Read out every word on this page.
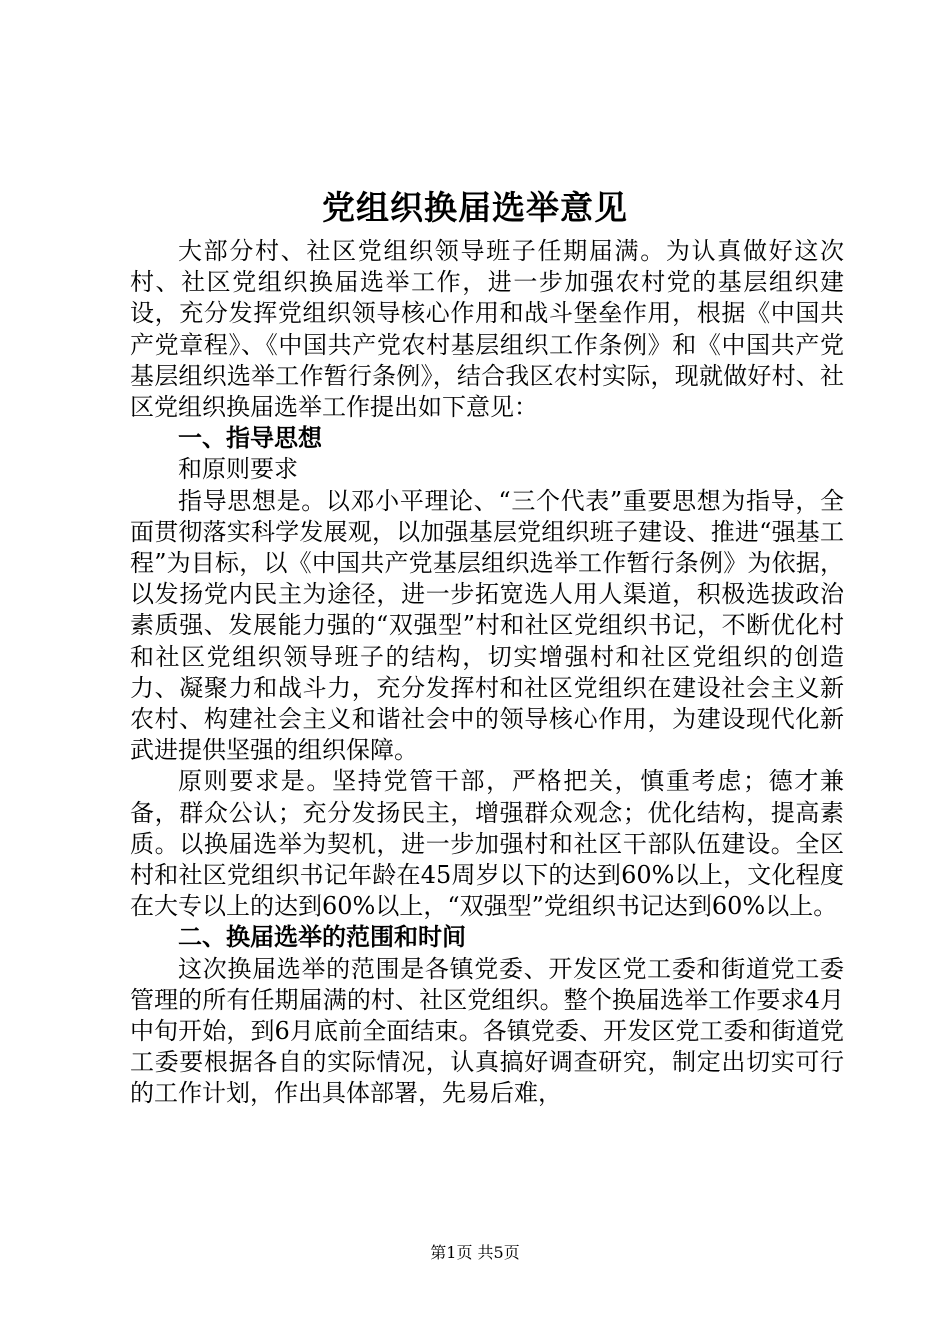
党组织换届选举意见

大部分村、社区党组织领导班子任期届满。为认真做好这次村、社区党组织换届选举工作，进一步加强农村党的基层组织建设，充分发挥党组织领导核心作用和战斗堡垒作用，根据《中国共产党章程》、《中国共产党农村基层组织工作条例》和《中国共产党基层组织选举工作暂行条例》，结合我区农村实际，现就做好村、社区党组织换届选举工作提出如下意见：

一、指导思想

和原则要求

指导思想是。以邓小平理论、“三个代表”重要思想为指导，全面贯彻落实科学发展观，以加强基层党组织班子建设、推进“强基工程”为目标，以《中国共产党基层组织选举工作暂行条例》为依据，以发扬党内民主为途径，进一步拓宽选人用人渠道，积极选拔政治素质强、发展能力强的“双强型”村和社区党组织书记，不断优化村和社区党组织领导班子的结构，切实增强村和社区党组织的创造力、凝聚力和战斗力，充分发挥村和社区党组织在建设社会主义新农村、构建社会主义和谐社会中的领导核心作用，为建设现代化新武进提供坚强的组织保障。

原则要求是。坚持党管干部，严格把关，慎重考虑；德才兼备，群众公认；充分发扬民主，增强群众观念；优化结构，提高素质。以换届选举为契机，进一步加强村和社区干部队伍建设。全区村和社区党组织书记年龄在45周岁以下的达到60%以上，文化程度在大专以上的达到60%以上，“双强型”党组织书记达到60%以上。

二、换届选举的范围和时间

这次换届选举的范围是各镇党委、开发区党工委和街道党工委管理的所有任期届满的村、社区党组织。整个换届选举工作要求4月中旬开始，到6月底前全面结束。各镇党委、开发区党工委和街道党工委要根据各自的实际情况，认真搞好调查研究，制定出切实可行的工作计划，作出具体部署，先易后难，

第1页 共5页
